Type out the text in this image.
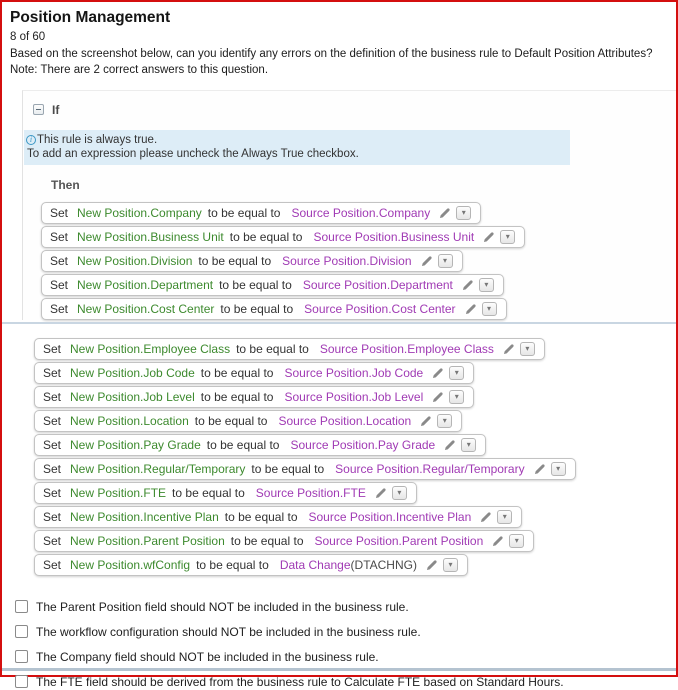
Position Management
8 of 60
Based on the screenshot below, can you identify any errors on the definition of the business rule to Default Position Attributes?
Note: There are 2 correct answers to this question.
If
i This rule is always true.
To add an expression please uncheck the Always True checkbox.
Then
Set New Position.Company to be equal to Source Position.Company	▾
Set New Position.Business Unit to be equal to Source Position.Business Unit	▾
Set New Position.Division to be equal to Source Position.Division	▾
Set New Position.Department to be equal to Source Position.Department	▾
Set New Position.Cost Center to be equal to Source Position.Cost Center	▾
Set New Position.Employee Class to be equal to Source Position.Employee Class	▾
Set New Position.Job Code to be equal to Source Position.Job Code	▾
Set New Position.Job Level to be equal to Source Position.Job Level	▾
Set New Position.Location to be equal to Source Position.Location	▾
Set New Position.Pay Grade to be equal to Source Position.Pay Grade	▾
Set New Position.Regular/Temporary to be equal to Source Position.Regular/Temporary	▾
Set New Position.FTE to be equal to Source Position.FTE	▾
Set New Position.Incentive Plan to be equal to Source Position.Incentive Plan	▾
Set New Position.Parent Position to be equal to Source Position.Parent Position	▾
Set New Position.wfConfig to be equal to Data Change (DTACHNG)	▾
The Parent Position field should NOT be included in the business rule.
The workflow configuration should NOT be included in the business rule.
The Company field should NOT be included in the business rule.
The FTE field should be derived from the business rule to Calculate FTE based on Standard Hours.
